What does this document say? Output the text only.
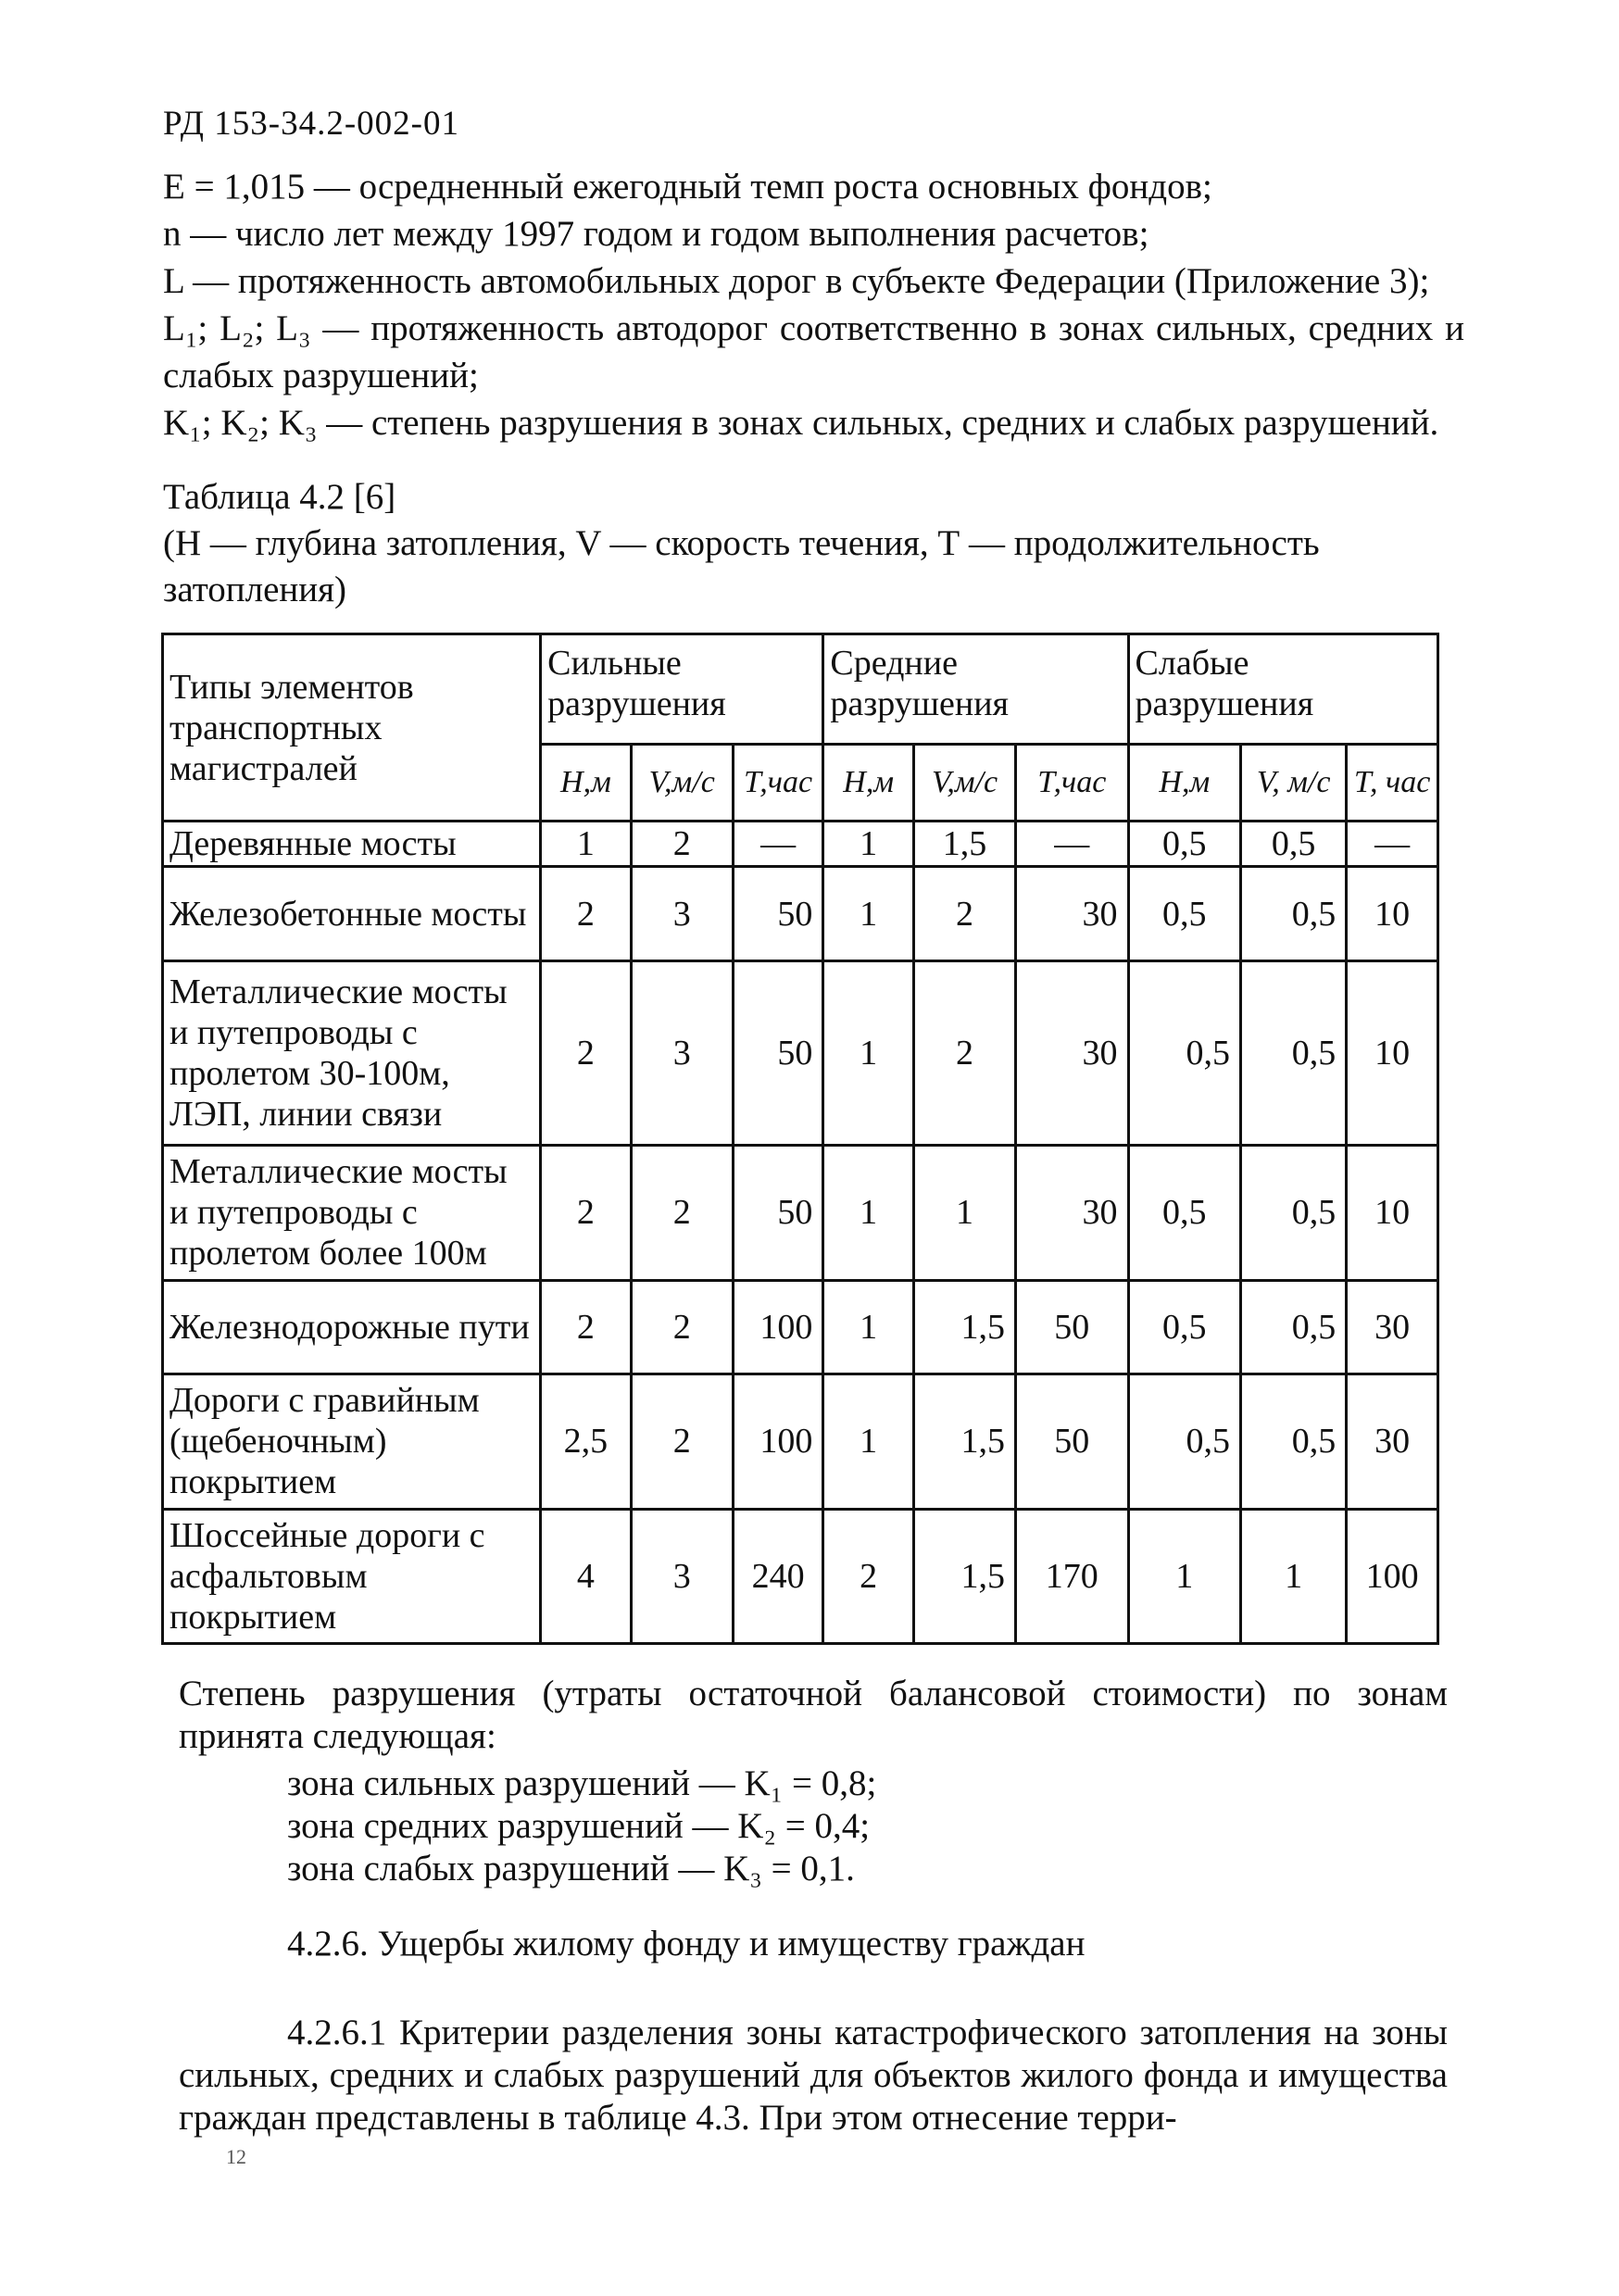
РД 153-34.2-002-01

E = 1,015 — осредненный ежегодный темп роста основных фондов;

n — число лет между 1997 годом и годом выполнения расчетов;

L — протяженность автомобильных дорог в субъекте Федерации (Приложение 3);

L₁; L₂; L₃ — протяженность автодорог соответственно в зонах сильных, средних и слабых разрушений;

K₁; K₂; K₃ — степень разрушения в зонах сильных, средних и слабых разрушений.

Таблица 4.2 [6]

(Н — глубина затопления, V — скорость течения, Т — продолжительность затопления)

Типы элементов транспортных магистралей	Сильные разрушения			Средние разрушения			Слабые разрушения		
	Н,м	V,м/с	Т,час	Н,м	V,м/с	Т,час	Н,м	V, м/с	Т, час
Деревянные мосты	1	2	—	1	1,5	—	0,5	0,5	—
Железобетонные мосты	2	3	50	1	2	30	0,5	0,5	10
Металлические мосты и путепроводы с пролетом 30-100м, ЛЭП, линии связи	2	3	50	1	2	30	0,5	0,5	10
Металлические мосты и путепроводы с пролетом более 100м	2	2	50	1	1	30	0,5	0,5	10
Железнодорожные пути	2	2	100	1	1,5	50	0,5	0,5	30
Дороги с гравийным (щебеночным) покрытием	2,5	2	100	1	1,5	50	0,5	0,5	30
Шоссейные дороги с асфальтовым покрытием	4	3	240	2	1,5	170	1	1	100

Степень разрушения (утраты остаточной балансовой стоимости) по зонам принята следующая:

зона сильных разрушений — K₁ = 0,8;

зона средних разрушений — K₂ = 0,4;

зона слабых разрушений — K₃ = 0,1.

4.2.6. Ущербы жилому фонду и имуществу граждан

4.2.6.1 Критерии разделения зоны катастрофического затопления на зоны сильных, средних и слабых разрушений для объектов жилого фонда и имущества граждан представлены в таблице 4.3. При этом отнесение терри-

12
